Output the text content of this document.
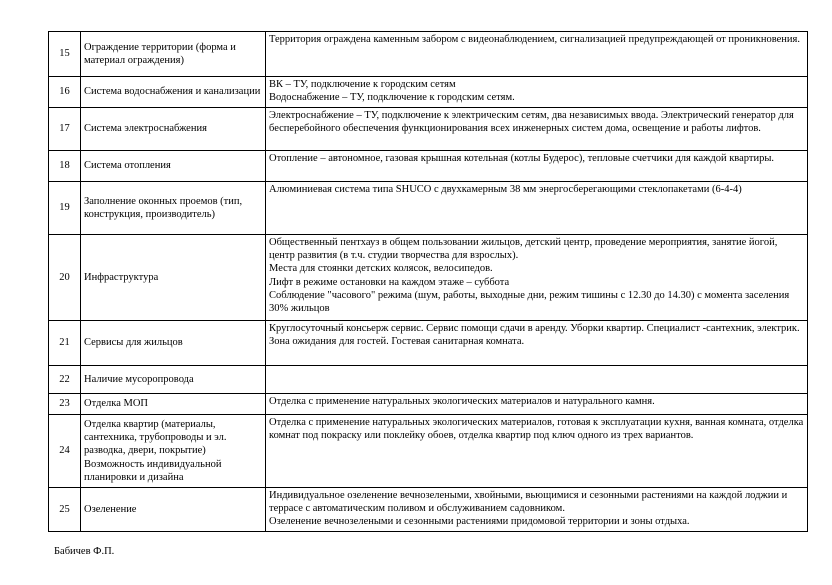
15	Ограждение территории (форма и материал ограждения)	Территория ограждена каменным забором с видеонаблюдением, сигнализацией предупреждающей от проникновения.

16	Система водоснабжения и канализации	ВК – ТУ, подключение к городским сетям
Водоснабжение – ТУ, подключение к городским сетям.

17	Система электроснабжения	Электроснабжение – ТУ, подключение к электрическим сетям, два независимых ввода. Электрический генератор для бесперебойного обеспечения функционирования всех инженерных систем дома, освещение и работы лифтов.

18	Система отопления	Отопление – автономное, газовая крышная котельная (котлы Будерос), тепловые счетчики для каждой квартиры.

19	Заполнение оконных проемов (тип, конструкция, производитель)	Алюминиевая система типа SHUCO с двухкамерным 38 мм энергосберегающими стеклопакетами (6-4-4)

20	Инфраструктура	Общественный пентхауз в общем пользовании жильцов, детский центр, проведение мероприятия, занятие йогой, центр развития (в т.ч. студии творчества для взрослых).
Места для стоянки детских колясок, велосипедов.
Лифт в режиме остановки на каждом этаже – суббота
Соблюдение "часового" режима (шум, работы, выходные дни, режим тишины с 12.30 до 14.30) с момента заселения 30% жильцов

21	Сервисы для жильцов	Круглосуточный консьерж сервис. Сервис помощи сдачи в аренду. Уборки квартир. Специалист -сантехник, электрик.
Зона ожидания для гостей. Гостевая санитарная комната.

22	Наличие мусоропровода	

23	Отделка МОП	Отделка с применение натуральных экологических материалов и натурального камня.

24	Отделка квартир (материалы, сантехника, трубопроводы и эл. разводка, двери, покрытие) Возможность индивидуальной планировки и дизайна	Отделка с применение натуральных экологических материалов, готовая к эксплуатации кухня, ванная комната, отделка комнат под покраску или поклейку обоев, отделка квартир под ключ одного из трех вариантов.

25	Озеленение	Индивидуальное озеленение вечнозелеными, хвойными, вьющимися и сезонными растениями на каждой лоджии и террасе с автоматическим поливом и обслуживанием садовником.
Озеленение вечнозелеными и сезонными растениями придомовой территории и зоны отдыха.
Бабичев Ф.П.
